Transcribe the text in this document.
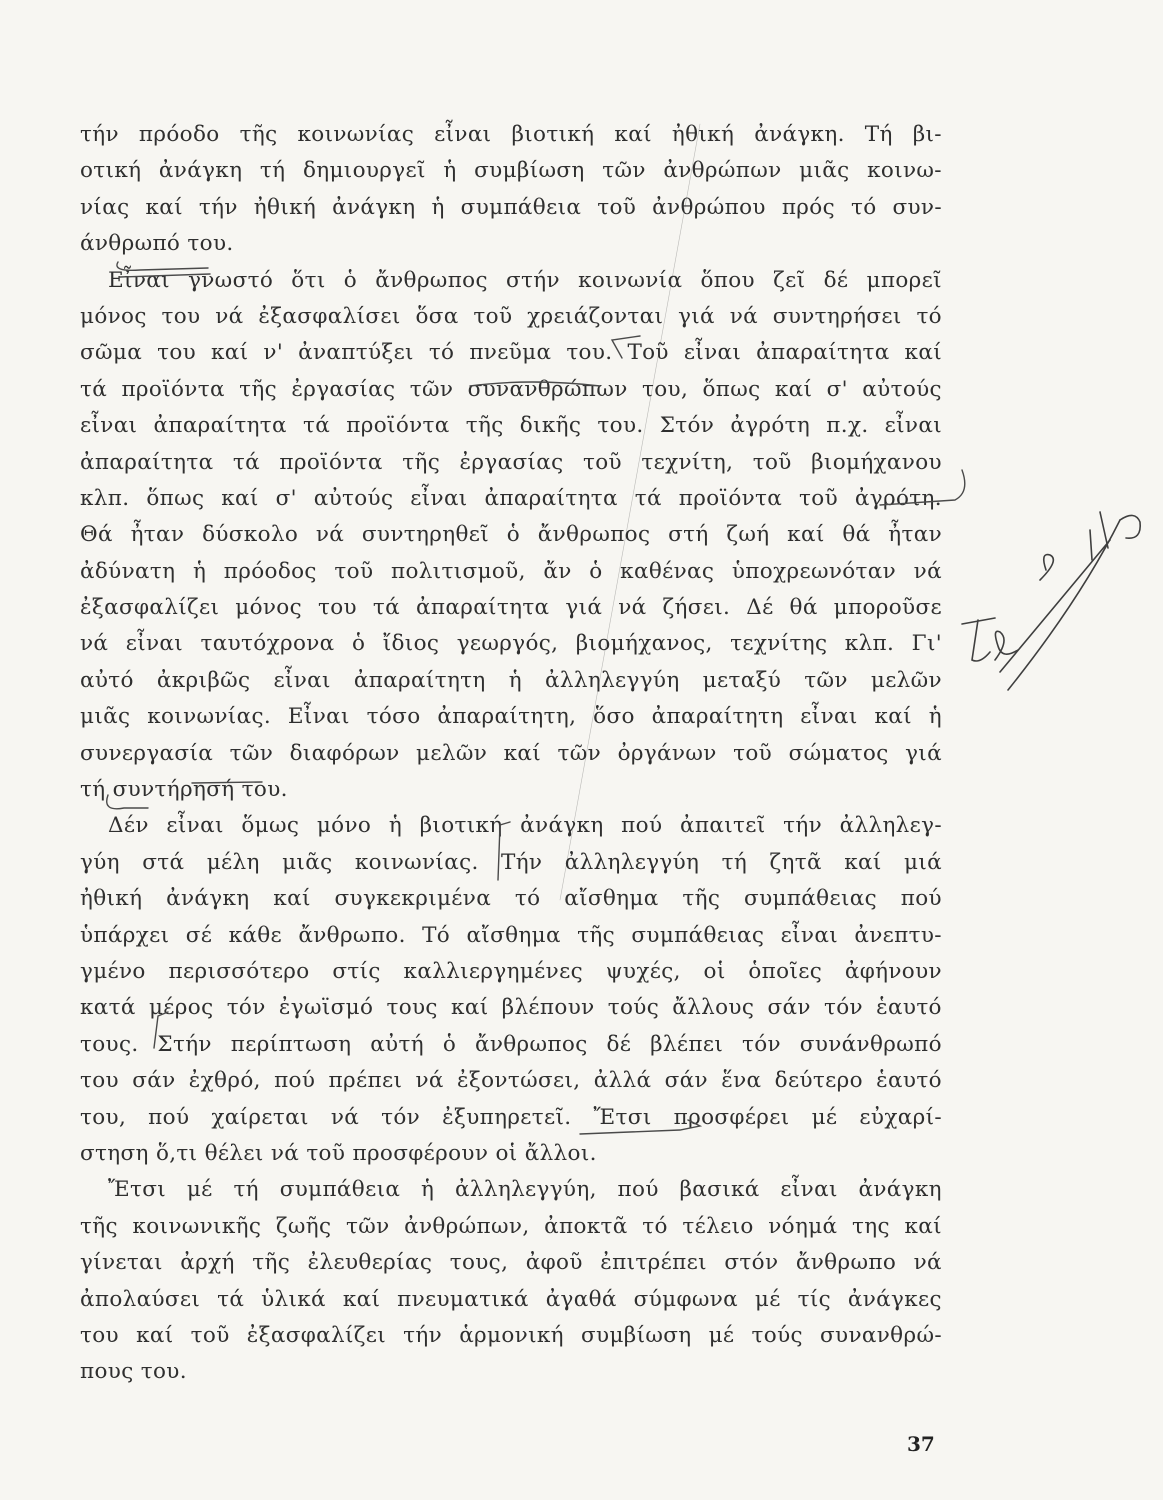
τήν πρόοδο τῆς κοινωνίας εἶναι βιοτική καί ἠθική ἀνάγκη. Τή βι-
οτική ἀνάγκη τή δημιουργεῖ ἡ συμβίωση τῶν ἀνθρώπων μιᾶς κοινω-
νίας καί τήν ἠθική ἀνάγκη ἡ συμπάθεια τοῦ ἀνθρώπου πρός τό συν-
άνθρωπό του.
Εἶναι γνωστό ὅτι ὁ ἄνθρωπος στήν κοινωνία ὅπου ζεῖ δέ μπορεῖ
μόνος του νά ἐξασφαλίσει ὅσα τοῦ χρειάζονται γιά νά συντηρήσει τό
σῶμα του καί ν' ἀναπτύξει τό πνεῦμα του. Τοῦ εἶναι ἀπαραίτητα καί
τά προϊόντα τῆς ἐργασίας τῶν συνανθρώπων του, ὅπως καί σ' αὐτούς
εἶναι ἀπαραίτητα τά προϊόντα τῆς δικῆς του. Στόν ἀγρότη π.χ. εἶναι
ἀπαραίτητα τά προϊόντα τῆς ἐργασίας τοῦ τεχνίτη, τοῦ βιομήχανου
κλπ. ὅπως καί σ' αὐτούς εἶναι ἀπαραίτητα τά προϊόντα τοῦ ἀγρότη.
Θά ἦταν δύσκολο νά συντηρηθεῖ ὁ ἄνθρωπος στή ζωή καί θά ἦταν
ἀδύνατη ἡ πρόοδος τοῦ πολιτισμοῦ, ἄν ὁ καθένας ὑποχρεωνόταν νά
ἐξασφαλίζει μόνος του τά ἀπαραίτητα γιά νά ζήσει. Δέ θά μποροῦσε
νά εἶναι ταυτόχρονα ὁ ἴδιος γεωργός, βιομήχανος, τεχνίτης κλπ. Γι'
αὐτό ἀκριβῶς εἶναι ἀπαραίτητη ἡ ἀλληλεγγύη μεταξύ τῶν μελῶν
μιᾶς κοινωνίας. Εἶναι τόσο ἀπαραίτητη, ὅσο ἀπαραίτητη εἶναι καί ἡ
συνεργασία τῶν διαφόρων μελῶν καί τῶν ὀργάνων τοῦ σώματος γιά
τή συντήρησή του.
Δέν εἶναι ὅμως μόνο ἡ βιοτική ἀνάγκη πού ἀπαιτεῖ τήν ἀλληλεγ-
γύη στά μέλη μιᾶς κοινωνίας. Τήν ἀλληλεγγύη τή ζητᾶ καί μιά
ἠθική ἀνάγκη καί συγκεκριμένα τό αἴσθημα τῆς συμπάθειας πού
ὑπάρχει σέ κάθε ἄνθρωπο. Τό αἴσθημα τῆς συμπάθειας εἶναι ἀνεπτυ-
γμένο περισσότερο στίς καλλιεργημένες ψυχές, οἱ ὁποῖες ἀφήνουν
κατά μέρος τόν ἐγωϊσμό τους καί βλέπουν τούς ἄλλους σάν τόν ἑαυτό
τους. Στήν περίπτωση αὐτή ὁ ἄνθρωπος δέ βλέπει τόν συνάνθρωπό
του σάν ἐχθρό, πού πρέπει νά ἐξοντώσει, ἀλλά σάν ἕνα δεύτερο ἑαυτό
του, πού χαίρεται νά τόν ἐξυπηρετεῖ. Ἔτσι προσφέρει μέ εὐχαρί-
στηση ὅ,τι θέλει νά τοῦ προσφέρουν οἱ ἄλλοι.
Ἔτσι μέ τή συμπάθεια ἡ ἀλληλεγγύη, πού βασικά εἶναι ἀνάγκη
τῆς κοινωνικῆς ζωῆς τῶν ἀνθρώπων, ἀποκτᾶ τό τέλειο νόημά της καί
γίνεται ἀρχή τῆς ἐλευθερίας τους, ἀφοῦ ἐπιτρέπει στόν ἄνθρωπο νά
ἀπολαύσει τά ὑλικά καί πνευματικά ἀγαθά σύμφωνα μέ τίς ἀνάγκες
του καί τοῦ ἐξασφαλίζει τήν ἁρμονική συμβίωση μέ τούς συνανθρώ-
πους του.
37
